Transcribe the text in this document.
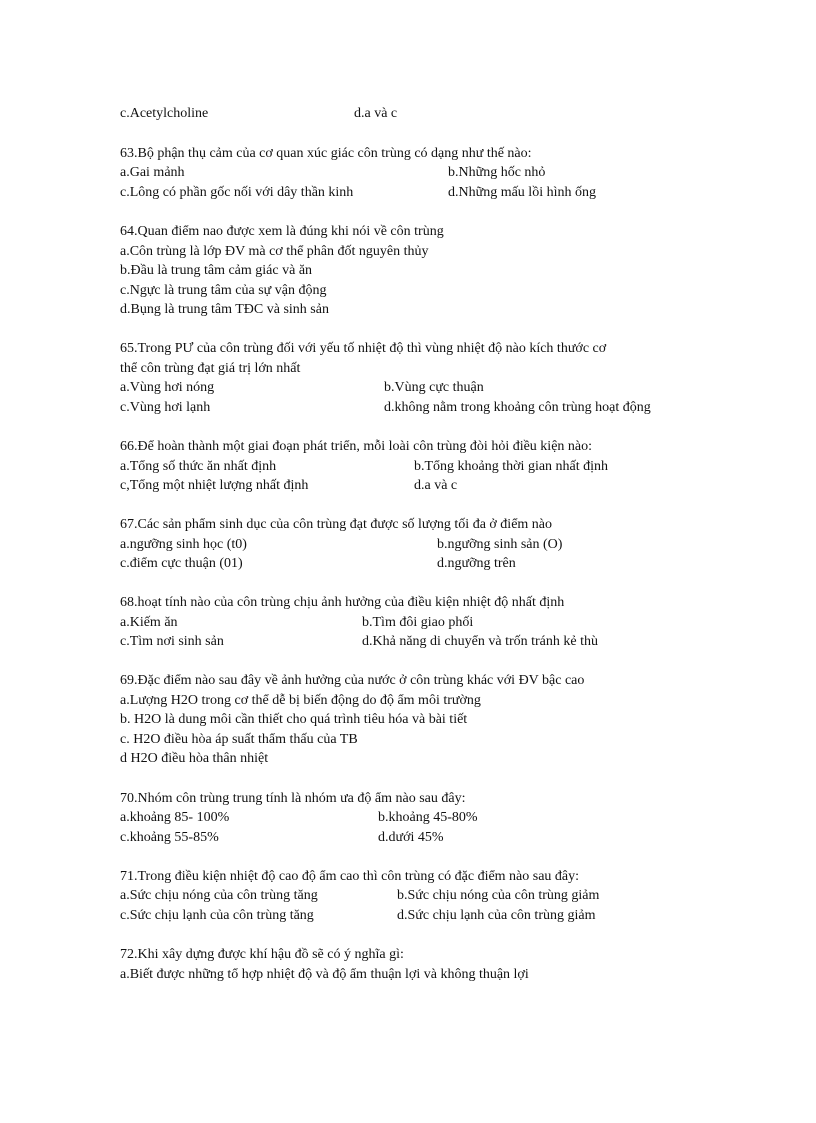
c.Acetylcholine	d.a và c
63.Bộ phận thụ cảm của cơ quan xúc giác côn trùng có dạng như thế nào:
a.Gai mảnh	b.Những hốc nhỏ
c.Lông có phần gốc nối với dây thần kinh	d.Những mấu lồi hình ống
64.Quan điểm nao được xem là đúng khi nói về côn trùng
a.Côn trùng là lớp ĐV mà cơ thể phân đốt nguyên thủy
b.Đầu là trung tâm cảm giác và ăn
c.Ngực là trung tâm của sự vận động
d.Bụng là trung tâm TĐC và sinh sản
65.Trong PƯ của côn trùng đối với yếu tố nhiệt độ thì vùng nhiệt độ nào kích thước cơ
thể côn trùng đạt giá trị lớn nhất
a.Vùng hơi nóng	b.Vùng cực thuận
c.Vùng hơi lạnh	d.không nằm trong khoảng côn trùng hoạt động
66.Để hoàn thành một giai đoạn phát triển, mỗi loài côn trùng đòi hỏi điều kiện nào:
a.Tổng số thức ăn nhất định	b.Tổng khoảng thời gian nhất định
c,Tổng một nhiệt lượng nhất định	d.a và c
67.Các sản phẩm sinh dục của côn trùng đạt được số lượng tối đa ở điểm nào
a.ngưỡng sinh học (t0)	b.ngưỡng sinh sản (O)
c.điểm cực thuận (01)	d.ngưỡng trên
68.hoạt tính nào của côn trùng chịu ảnh hưởng của điều kiện nhiệt độ nhất định
a.Kiếm ăn	b.Tìm đôi giao phối
c.Tìm nơi sinh sản	d.Khả năng di chuyển và trốn tránh kẻ thù
69.Đặc điểm nào sau đây về ảnh hưởng của nước ở côn trùng khác với ĐV bậc cao
a.Lượng H2O trong cơ thể dễ bị biến động do độ ẩm môi trường
b. H2O là dung môi cần thiết cho quá trình tiêu hóa và bài tiết
c. H2O điều hòa áp suất thẩm thấu của TB
d H2O điều hòa thân nhiệt
70.Nhóm côn trùng trung tính là nhóm ưa độ ẩm nào sau đây:
a.khoảng 85- 100%	b.khoảng 45-80%
c.khoảng 55-85%	d.dưới 45%
71.Trong điều kiện nhiệt độ cao độ ẩm cao thì côn trùng có đặc điểm nào sau đây:
a.Sức chịu nóng của côn trùng tăng	b.Sức chịu nóng của côn trùng giảm
c.Sức chịu lạnh của côn trùng tăng	d.Sức chịu lạnh của côn trùng giảm
72.Khi xây dựng được khí hậu đồ sẽ có ý nghĩa gì:
a.Biết được những tổ hợp nhiệt độ và độ ẩm thuận lợi và không thuận lợi
